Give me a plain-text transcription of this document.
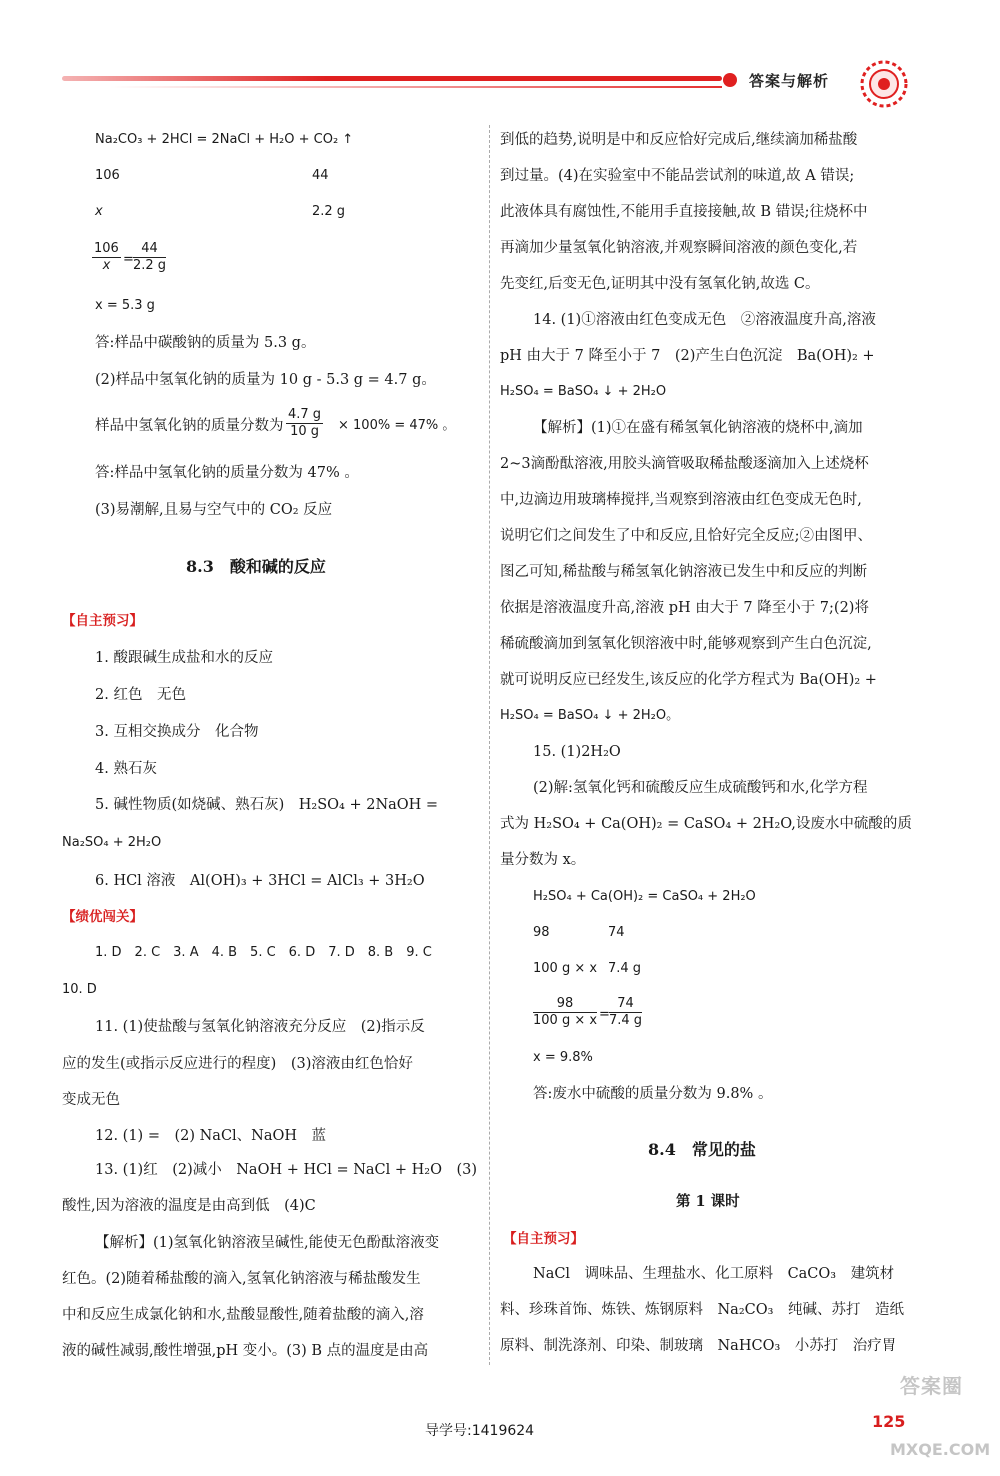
答案与解析
Na₂CO₃ + 2HCl = 2NaCl + H₂O + CO₂ ↑
106	44
x	2.2 g
$\frac{106}{x} = \frac{44}{2.2 g}$
x = 5.3 g
答:样品中碳酸钠的质量为 5.3 g。
(2)样品中氢氧化钠的质量为 10 g - 5.3 g = 4.7 g。
样品中氢氧化钠的质量分数为 $\frac{4.7 g}{10 g} \times 100\% = 47\%$ 。
答:样品中氢氧化钠的质量分数为 47% 。
(3)易潮解,且易与空气中的 CO₂ 反应
8.3　酸和碱的反应
【自主预习】
1. 酸跟碱生成盐和水的反应
2. 红色　无色
3. 互相交换成分　化合物
4. 熟石灰
5. 碱性物质(如烧碱、熟石灰)　H₂SO₄ + 2NaOH =
Na₂SO₄ + 2H₂O
6. HCl 溶液　Al(OH)₃ + 3HCl = AlCl₃ + 3H₂O
【绩优闯关】
1. D　2. C　3. A　4. B　5. C　6. D　7. D　8. B　9. C
10. D
11. (1)使盐酸与氢氧化钠溶液充分反应　(2)指示反
应的发生(或指示反应进行的程度)　(3)溶液由红色恰好
变成无色
12. (1) =　(2) NaCl、NaOH　蓝
13. (1)红　(2)减小　NaOH + HCl = NaCl + H₂O　(3)
酸性,因为溶液的温度是由高到低　(4)C
【解析】(1)氢氧化钠溶液呈碱性,能使无色酚酞溶液变
红色。(2)随着稀盐酸的滴入,氢氧化钠溶液与稀盐酸发生
中和反应生成氯化钠和水,盐酸显酸性,随着盐酸的滴入,溶
液的碱性减弱,酸性增强,pH 变小。(3) B 点的温度是由高
到低的趋势,说明是中和反应恰好完成后,继续滴加稀盐酸
到过量。(4)在实验室中不能品尝试剂的味道,故 A 错误;
此液体具有腐蚀性,不能用手直接接触,故 B 错误;往烧杯中
再滴加少量氢氧化钠溶液,并观察瞬间溶液的颜色变化,若
先变红,后变无色,证明其中没有氢氧化钠,故选 C。
14. (1)①溶液由红色变成无色　②溶液温度升高,溶液
pH 由大于 7 降至小于 7　(2)产生白色沉淀　Ba(OH)₂ +
H₂SO₄ = BaSO₄ ↓ + 2H₂O
【解析】(1)①在盛有稀氢氧化钠溶液的烧杯中,滴加
2~3滴酚酞溶液,用胶头滴管吸取稀盐酸逐滴加入上述烧杯
中,边滴边用玻璃棒搅拌,当观察到溶液由红色变成无色时,
说明它们之间发生了中和反应,且恰好完全反应;②由图甲、
图乙可知,稀盐酸与稀氢氧化钠溶液已发生中和反应的判断
依据是溶液温度升高,溶液 pH 由大于 7 降至小于 7;(2)将
稀硫酸滴加到氢氧化钡溶液中时,能够观察到产生白色沉淀,
就可说明反应已经发生,该反应的化学方程式为 Ba(OH)₂ +
H₂SO₄ = BaSO₄ ↓ + 2H₂O。
15. (1)2H₂O
(2)解:氢氧化钙和硫酸反应生成硫酸钙和水,化学方程
式为 H₂SO₄ + Ca(OH)₂ = CaSO₄ + 2H₂O,设废水中硫酸的质
量分数为 x。
H₂SO₄ + Ca(OH)₂ = CaSO₄ + 2H₂O
98	74
100 g × x 7.4 g
$\frac{98}{100 g \times x} = \frac{74}{7.4 g}$
x = 9.8%
答:废水中硫酸的质量分数为 9.8% 。
8.4　常见的盐
第 1 课时
【自主预习】
NaCl　调味品、生理盐水、化工原料　CaCO₃　建筑材
料、珍珠首饰、炼铁、炼钢原料　Na₂CO₃　纯碱、苏打　造纸
原料、制洗涤剂、印染、制玻璃　NaHCO₃　小苏打　治疗胃
导学号:1419624	125
答案圈
MXQE.COM
